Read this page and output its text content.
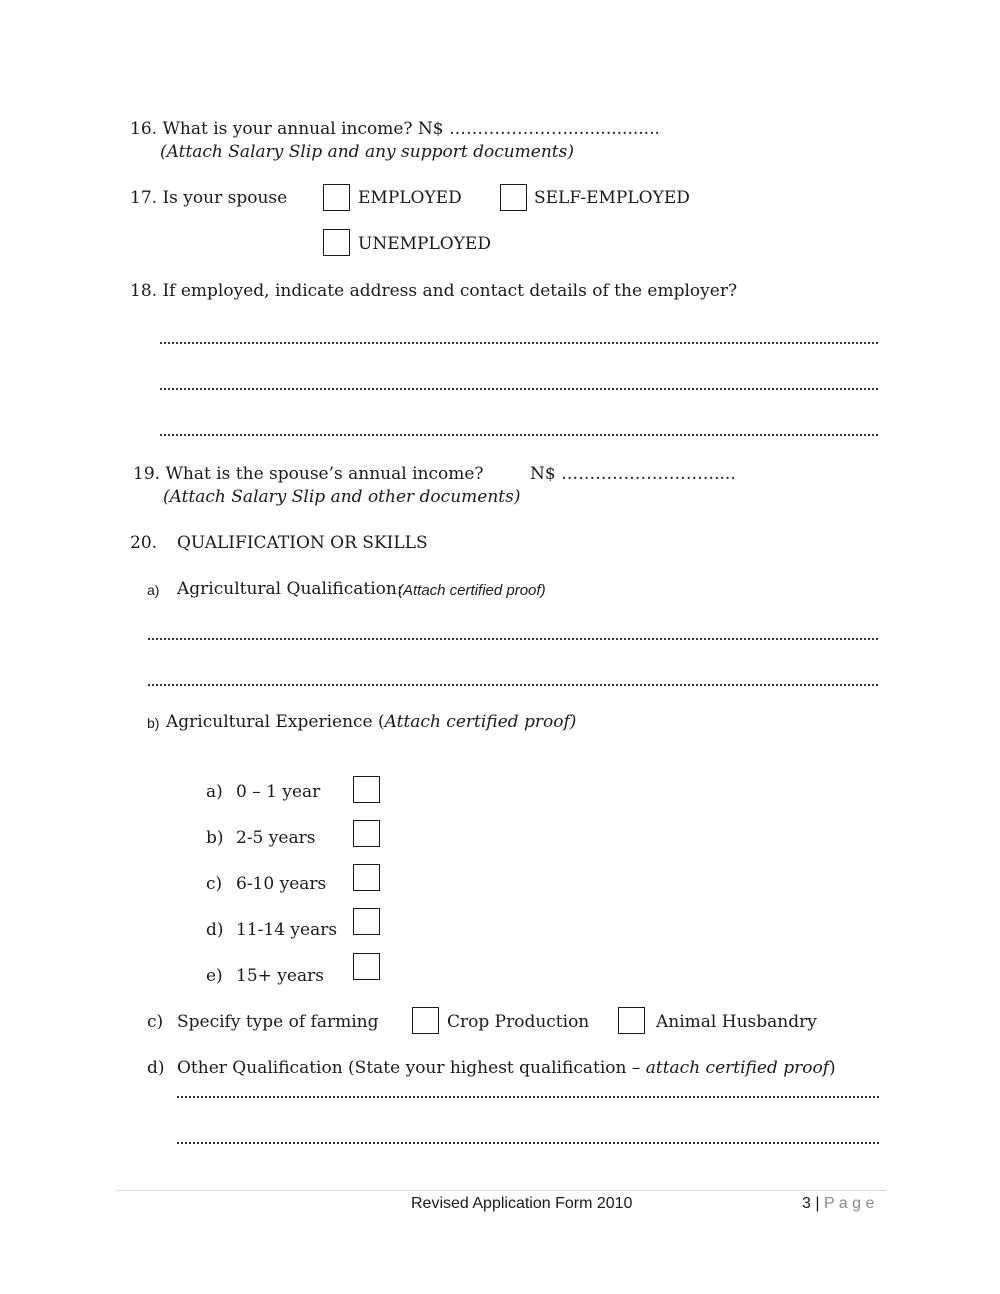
16. What is your annual income? N$ ………………….................
(Attach Salary Slip and any support documents)
17. Is your spouse	EMPLOYED	SELF-EMPLOYED
UNEMPLOYED
18. If employed, indicate address and contact details of the employer?
19. What is the spouse’s annual income?	N$ ………………………....
(Attach Salary Slip and other documents)
20. QUALIFICATION OR SKILLS
a) Agricultural Qualification:
(Attach certified proof)
b) Agricultural Experience (Attach certified proof)
a) 0 – 1 year
b) 2-5 years
c) 6-10 years
d) 11-14 years
e) 15+ years
c) Specify type of farming	Crop Production	Animal Husbandry
d) Other Qualification (State your highest qualification – attach certified proof)
Revised Application Form 2010	3 | P a g e
